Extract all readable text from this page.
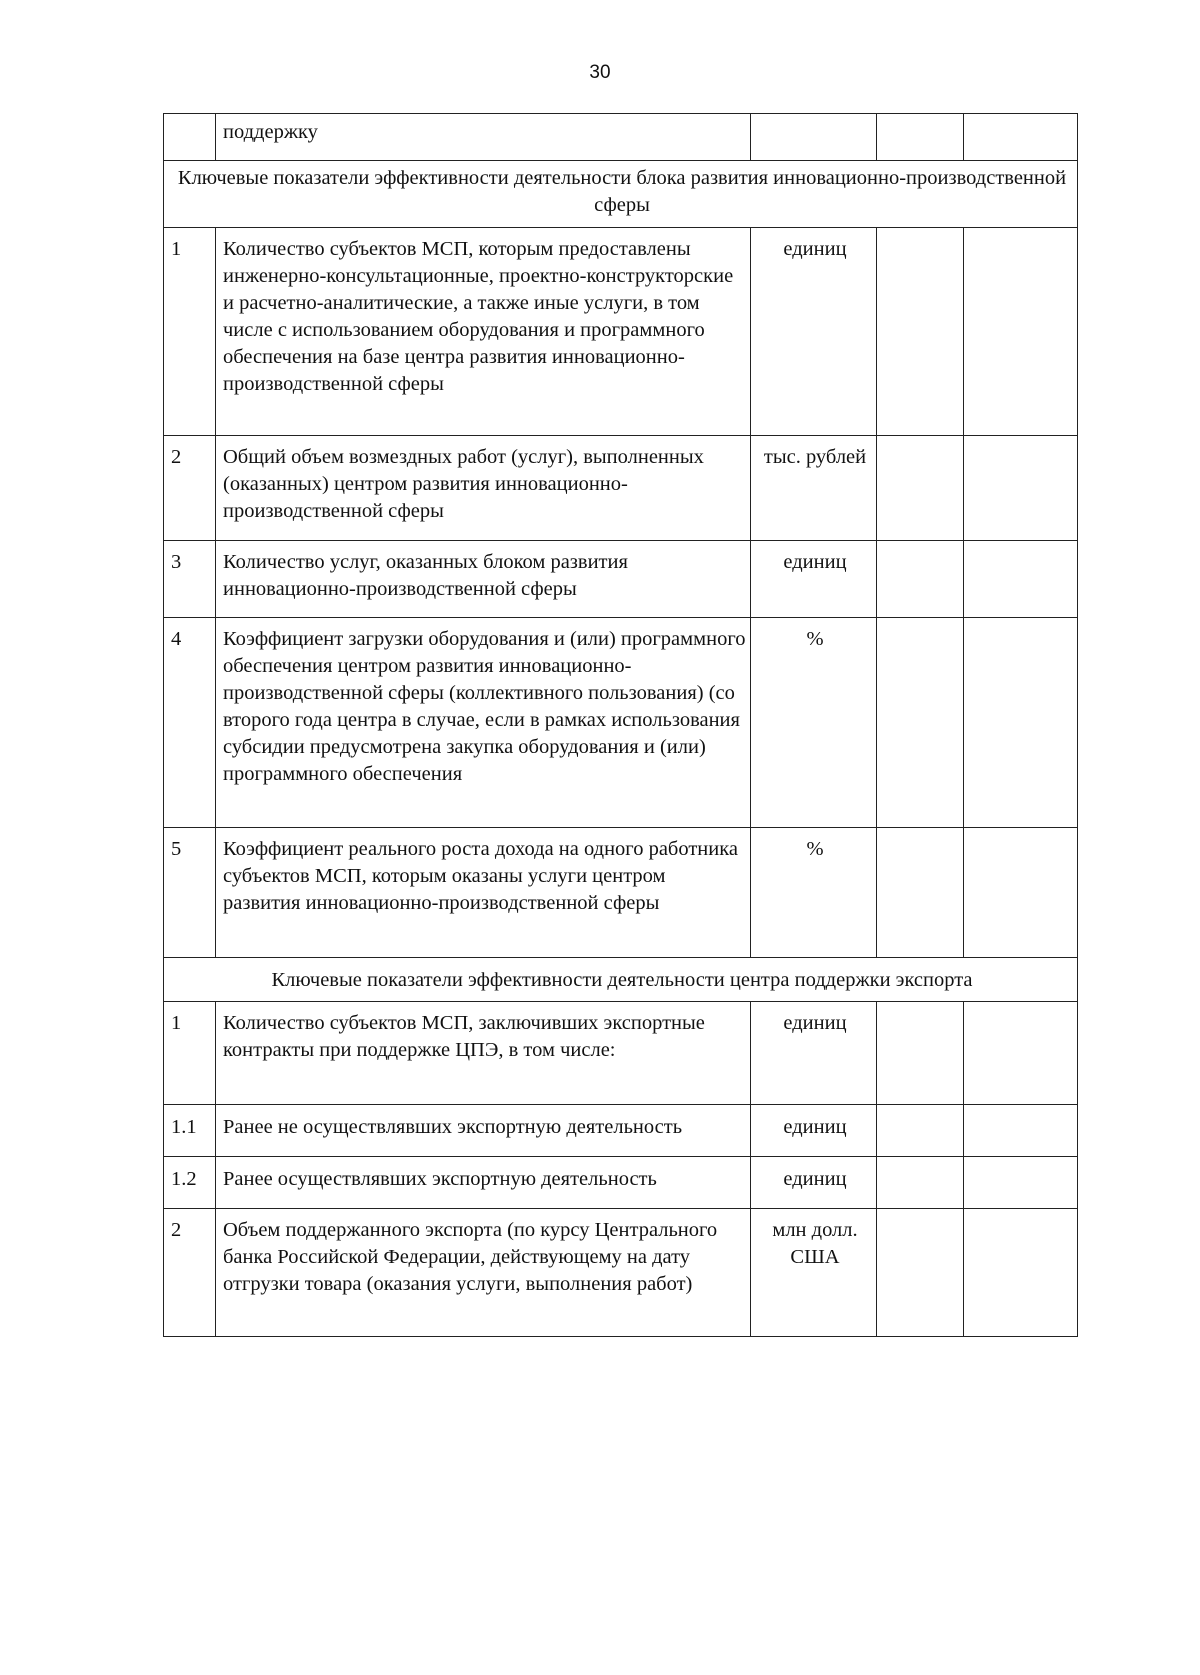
30
	поддержку			
Ключевые показатели эффективности деятельности блока развития инновационно-производственной сферы				
1	Количество субъектов МСП, которым предоставлены инженерно-консультационные, проектно-конструкторские и расчетно-аналитические, а также иные услуги, в том числе с использованием оборудования и программного обеспечения на базе центра развития инновационно-производственной сферы	единиц		
2	Общий объем возмездных работ (услуг), выполненных (оказанных) центром развития инновационно-производственной сферы	тыс. рублей		
3	Количество услуг, оказанных блоком развития инновационно-производственной сферы	единиц		
4	Коэффициент загрузки оборудования и (или) программного обеспечения центром развития инновационно-производственной сферы (коллективного пользования) (со второго года центра в случае, если в рамках использования субсидии предусмотрена закупка оборудования и (или) программного обеспечения	%		
5	Коэффициент реального роста дохода на одного работника субъектов МСП, которым оказаны услуги центром развития инновационно-производственной сферы	%		
Ключевые показатели эффективности деятельности центра поддержки экспорта				
1	Количество субъектов МСП, заключивших экспортные контракты при поддержке ЦПЭ, в том числе:	единиц		
1.1	Ранее не осуществлявших экспортную деятельность	единиц		
1.2	Ранее осуществлявших экспортную деятельность	единиц		
2	Объем поддержанного экспорта (по курсу Центрального банка Российской Федерации, действующему на дату отгрузки товара (оказания услуги, выполнения работ)	млн долл. США		
